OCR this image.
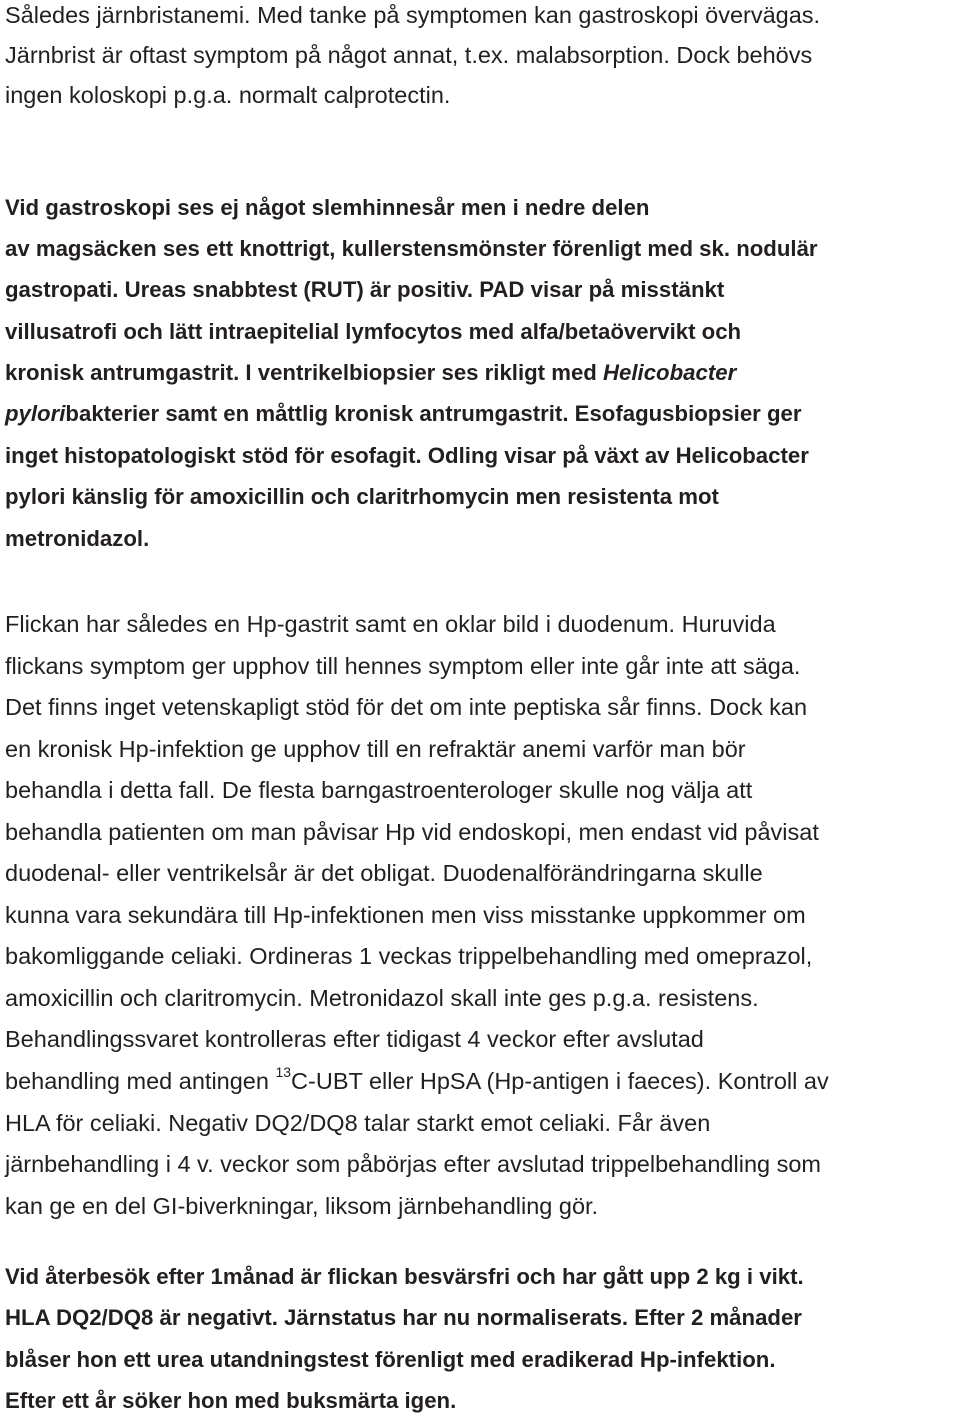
Således järnbristanemi. Med tanke på symptomen kan gastroskopi övervägas.
Järnbrist är oftast symptom på något annat, t.ex. malabsorption. Dock behövs
ingen koloskopi p.g.a. normalt calprotectin.
Vid gastroskopi ses ej något slemhinnesår men i nedre delen
av magsäcken ses ett knottrigt, kullerstensmönster förenligt med sk. nodulär
gastropati. Ureas snabbtest (RUT) är positiv. PAD visar på misstänkt
villusatrofi och lätt intraepitelial lymfocytos med alfa/betaövervikt och
kronisk antrumgastrit. I ventrikelbiopsier ses rikligt med Helicobacter
pyloribakterier samt en måttlig kronisk antrumgastrit. Esofagusbiopsier ger
inget histopatologiskt stöd för esofagit. Odling visar på växt av Helicobacter
pylori känslig för amoxicillin och claritrhomycin men resistenta mot
metronidazol.
Flickan har således en Hp-gastrit samt en oklar bild i duodenum. Huruvida
flickans symptom ger upphov till hennes symptom eller inte går inte att säga.
Det finns inget vetenskapligt stöd för det om inte peptiska sår finns. Dock kan
en kronisk Hp-infektion ge upphov till en refraktär anemi varför man bör
behandla i detta fall. De flesta barngastroenterologer skulle nog välja att
behandla patienten om man påvisar Hp vid endoskopi, men endast vid påvisat
duodenal- eller ventrikelsår är det obligat. Duodenalförändringarna skulle
kunna vara sekundära till Hp-infektionen men viss misstanke uppkommer om
bakomliggande celiaki. Ordineras 1 veckas trippelbehandling med omeprazol,
amoxicillin och claritromycin. Metronidazol skall inte ges p.g.a. resistens.
Behandlingssvaret kontrolleras efter tidigast 4 veckor efter avslutad
behandling med antingen $^{13}$C-UBT eller HpSA (Hp-antigen i faeces). Kontroll av
HLA för celiaki. Negativ DQ2/DQ8 talar starkt emot celiaki. Får även
järnbehandling i 4 v. veckor som påbörjas efter avslutad trippelbehandling som
kan ge en del GI-biverkningar, liksom järnbehandling gör.
Vid återbesök efter 1månad är flickan besvärsfri och har gått upp 2 kg i vikt.
HLA DQ2/DQ8 är negativt. Järnstatus har nu normaliserats. Efter 2 månader
blåser hon ett urea utandningstest förenligt med eradikerad Hp-infektion.
Efter ett år söker hon med buksmärta igen.
